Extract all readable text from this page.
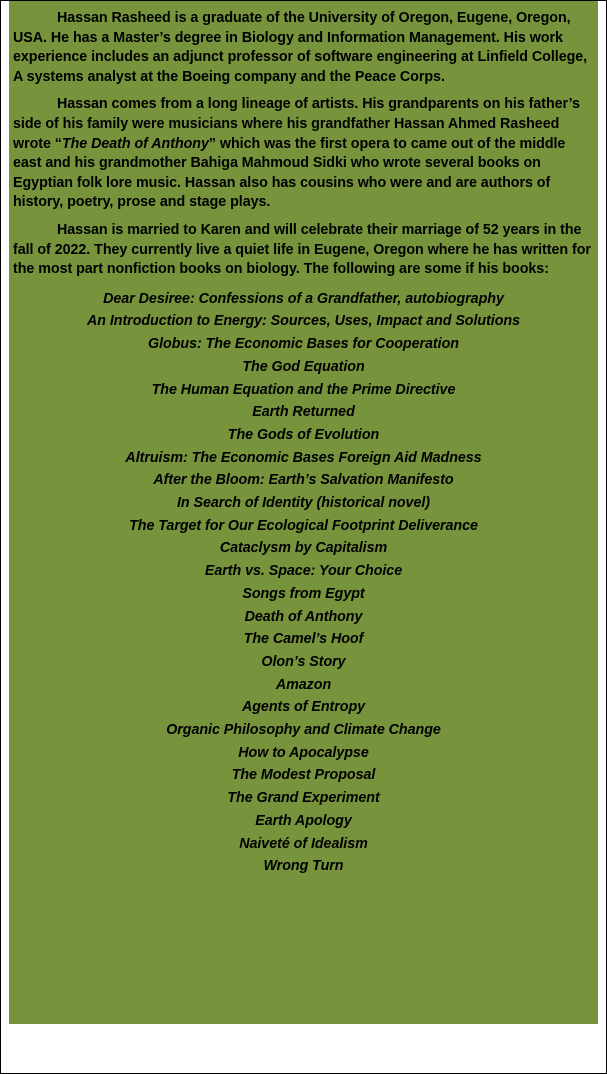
Hassan Rasheed is a graduate of the University of Oregon, Eugene, Oregon, USA. He has a Master’s degree in Biology and Information Management. His work experience includes an adjunct professor of software engineering at Linfield College, A systems analyst at the Boeing company and the Peace Corps.

Hassan comes from a long lineage of artists. His grandparents on his father’s side of his family were musicians where his grandfather Hassan Ahmed Rasheed wrote “The Death of Anthony” which was the first opera to came out of the middle east and his grandmother Bahiga Mahmoud Sidki who wrote several books on Egyptian folk lore music. Hassan also has cousins who were and are authors of history, poetry, prose and stage plays.

Hassan is married to Karen and will celebrate their marriage of 52 years in the fall of 2022. They currently live a quiet life in Eugene, Oregon where he has written for the most part nonfiction books on biology. The following are some if his books:

Dear Desiree: Confessions of a Grandfather, autobiography
An Introduction to Energy: Sources, Uses, Impact and Solutions
Globus: The Economic Bases for Cooperation
The God Equation
The Human Equation and the Prime Directive
Earth Returned
The Gods of Evolution
Altruism: The Economic Bases Foreign Aid Madness
After the Bloom: Earth’s Salvation Manifesto
In Search of Identity (historical novel)
The Target for Our Ecological Footprint Deliverance
Cataclysm by Capitalism
Earth vs. Space: Your Choice
Songs from Egypt
Death of Anthony
The Camel’s Hoof
Olon’s Story
Amazon
Agents of Entropy
Organic Philosophy and Climate Change
How to Apocalypse
The Modest Proposal
The Grand Experiment
Earth Apology
Naiveté of Idealism
Wrong Turn
